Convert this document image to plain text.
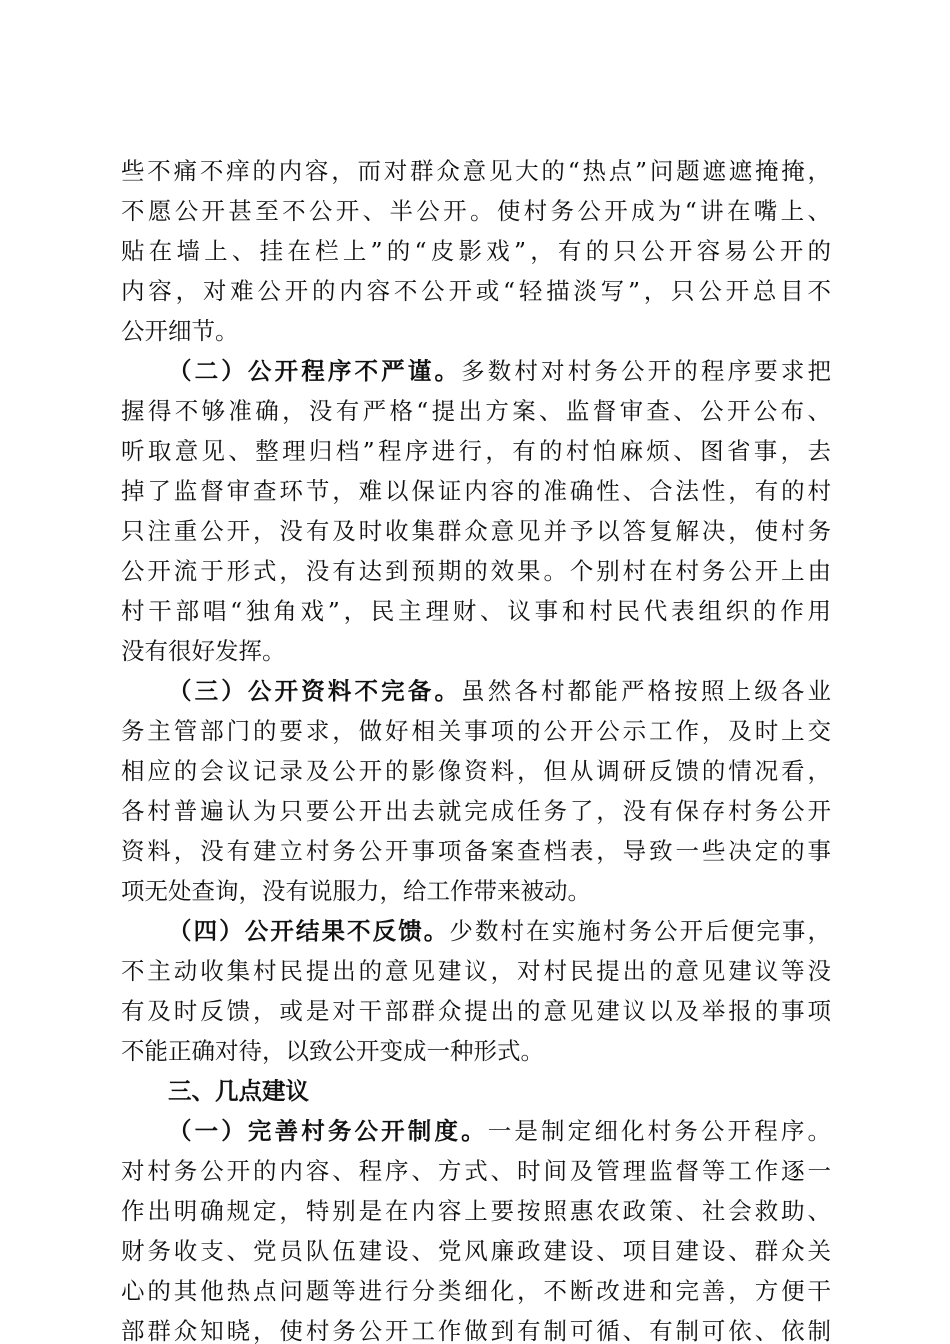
些不痛不痒的内容，而对群众意见大的“热点”问题遮遮掩掩，
不愿公开甚至不公开、半公开。使村务公开成为“讲在嘴上、
贴在墙上、挂在栏上”的“皮影戏”，有的只公开容易公开的
内容，对难公开的内容不公开或“轻描淡写”，只公开总目不
公开细节。
（二）公开程序不严谨。多数村对村务公开的程序要求把
握得不够准确，没有严格“提出方案、监督审查、公开公布、
听取意见、整理归档”程序进行，有的村怕麻烦、图省事，去
掉了监督审查环节，难以保证内容的准确性、合法性，有的村
只注重公开，没有及时收集群众意见并予以答复解决，使村务
公开流于形式，没有达到预期的效果。个别村在村务公开上由
村干部唱“独角戏”，民主理财、议事和村民代表组织的作用
没有很好发挥。
（三）公开资料不完备。虽然各村都能严格按照上级各业
务主管部门的要求，做好相关事项的公开公示工作，及时上交
相应的会议记录及公开的影像资料，但从调研反馈的情况看，
各村普遍认为只要公开出去就完成任务了，没有保存村务公开
资料，没有建立村务公开事项备案查档表，导致一些决定的事
项无处查询，没有说服力，给工作带来被动。
（四）公开结果不反馈。少数村在实施村务公开后便完事，
不主动收集村民提出的意见建议，对村民提出的意见建议等没
有及时反馈，或是对干部群众提出的意见建议以及举报的事项
不能正确对待，以致公开变成一种形式。
三、几点建议
（一）完善村务公开制度。一是制定细化村务公开程序。
对村务公开的内容、程序、方式、时间及管理监督等工作逐一
作出明确规定，特别是在内容上要按照惠农政策、社会救助、
财务收支、党员队伍建设、党风廉政建设、项目建设、群众关
心的其他热点问题等进行分类细化，不断改进和完善，方便干
部群众知晓，使村务公开工作做到有制可循、有制可依、依制
